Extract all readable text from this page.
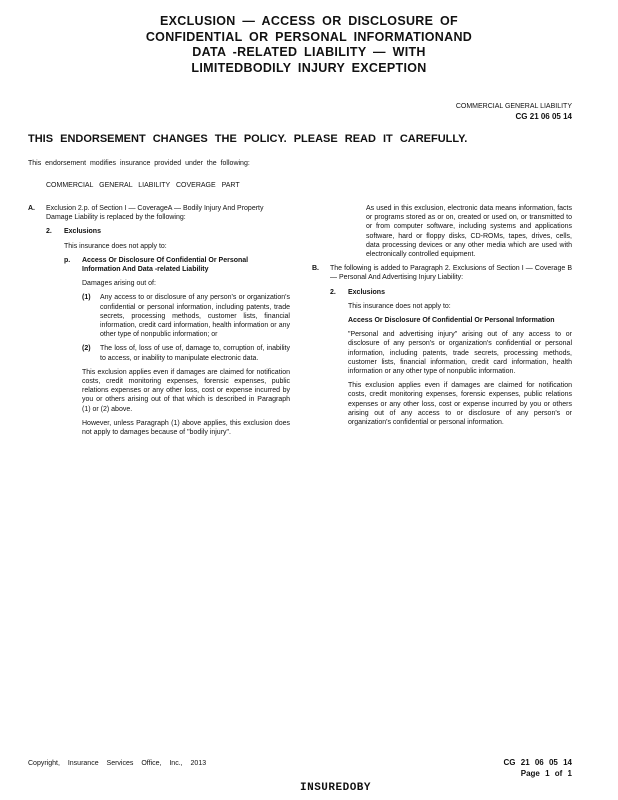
EXCLUSION — ACCESS OR DISCLOSURE OF
CONFIDENTIAL OR PERSONAL INFORMATIONAND
DATA -RELATED LIABILITY — WITH
LIMITEDBODILY INJURY EXCEPTION
COMMERCIAL GENERAL LIABILITY
CG 21 06 05 14
THIS ENDORSEMENT CHANGES THE POLICY. PLEASE READ IT CAREFULLY.
This endorsement modifies insurance provided under the following:
COMMERCIAL GENERAL LIABILITY COVERAGE PART
A. Exclusion 2.p. of Section I — CoverageA — Bodily Injury And Property Damage Liability is replaced by the following:

2. Exclusions

This insurance does not apply to:

p. Access Or Disclosure Of Confidential Or Personal Information And Data -related Liability

Damages arising out of:

(1) Any access to or disclosure of any person's or organization's confidential or personal information, including patents, trade secrets, processing methods, customer lists, financial information, credit card information, health information or any other type of nonpublic information; or

(2) The loss of, loss of use of, damage to, corruption of, inability to access, or inability to manipulate electronic data.

This exclusion applies even if damages are claimed for notification costs, credit monitoring expenses, forensic expenses, public relations expenses or any other loss, cost or expense incurred by you or others arising out of that which is described in Paragraph (1) or (2) above.

However, unless Paragraph (1) above applies, this exclusion does not apply to damages because of "bodily injury".

As used in this exclusion, electronic data means information, facts or programs stored as or on, created or used on, or transmitted to or from computer software, including systems and applications software, hard or floppy disks, CD-ROMs, tapes, drives, cells, data processing devices or any other media which are used with electronically controlled equipment.

B. The following is added to Paragraph 2. Exclusions of Section I — Coverage B — Personal And Advertising Injury Liability:

2. Exclusions

This insurance does not apply to:

Access Or Disclosure Of Confidential Or Personal Information

"Personal and advertising injury" arising out of any access to or disclosure of any person's or organization's confidential or personal information, including patents, trade secrets, processing methods, customer lists, financial information, credit card information, health information or any other type of nonpublic information.

This exclusion applies even if damages are claimed for notification costs, credit monitoring expenses, forensic expenses, public relations expenses or any other loss, cost or expense incurred by you or others arising out of any access to or disclosure of any person's or organization's confidential or personal information.

Copyright, Insurance Services Office, Inc., 2013	CG 21 06 05 14
Page 1 of 1
INSUREDOBY
